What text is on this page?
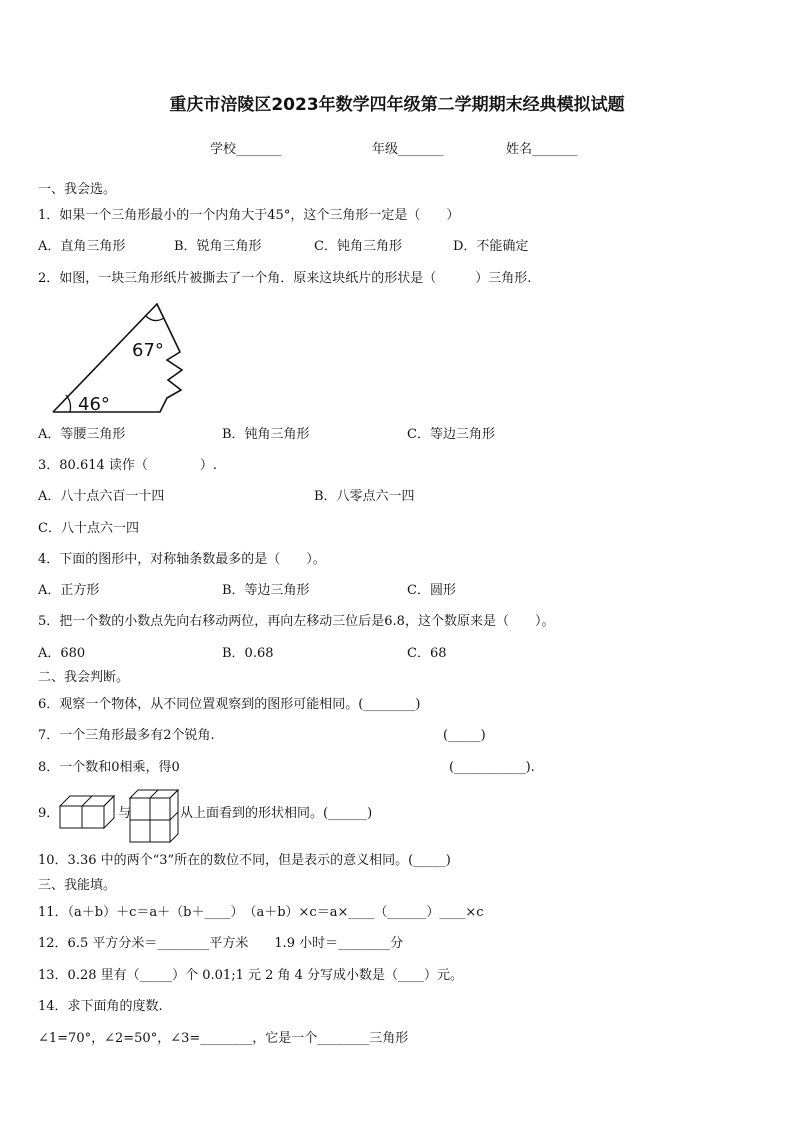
重庆市涪陵区2023年数学四年级第二学期期末经典模拟试题
学校_______	年级_______	姓名_______
一、我会选。
1．如果一个三角形最小的一个内角大于45°，这个三角形一定是（　　）
A．直角三角形	B．锐角三角形	C．钝角三角形	D．不能确定
2．如图，一块三角形纸片被撕去了一个角．原来这块纸片的形状是（　　　）三角形.
67°
46°
A．等腰三角形	B．钝角三角形	C．等边三角形
3．80.614 读作（　　　　）.
A．八十点六百一十四	B．八零点六一四
C．八十点六一四
4．下面的图形中，对称轴条数最多的是（　　）。
A．正方形	B．等边三角形	C．圆形
5．把一个数的小数点先向右移动两位，再向左移动三位后是6.8，这个数原来是（　　）。
A．680	B．0.68	C．68
二、我会判断。
6．观察一个物体，从不同位置观察到的图形可能相同。(________)
7．一个三角形最多有2个锐角.	(_____)
8．一个数和0相乘，得0	(___________).
9．	与	从上面看到的形状相同。(______)
10．3.36 中的两个“3”所在的数位不同，但是表示的意义相同。(_____)
三、我能填。
11．（a＋b）＋c＝a＋（b＋____）　（a＋b）×c＝a×____（______）____×c
12．6.5 平方分米＝________平方米　　1.9 小时＝________分
13．0.28 里有（_____）个 0.01;1 元 2 角 4 分写成小数是（____）元。
14．求下面角的度数.
∠1=70°，∠2=50°，∠3=________，它是一个________三角形
